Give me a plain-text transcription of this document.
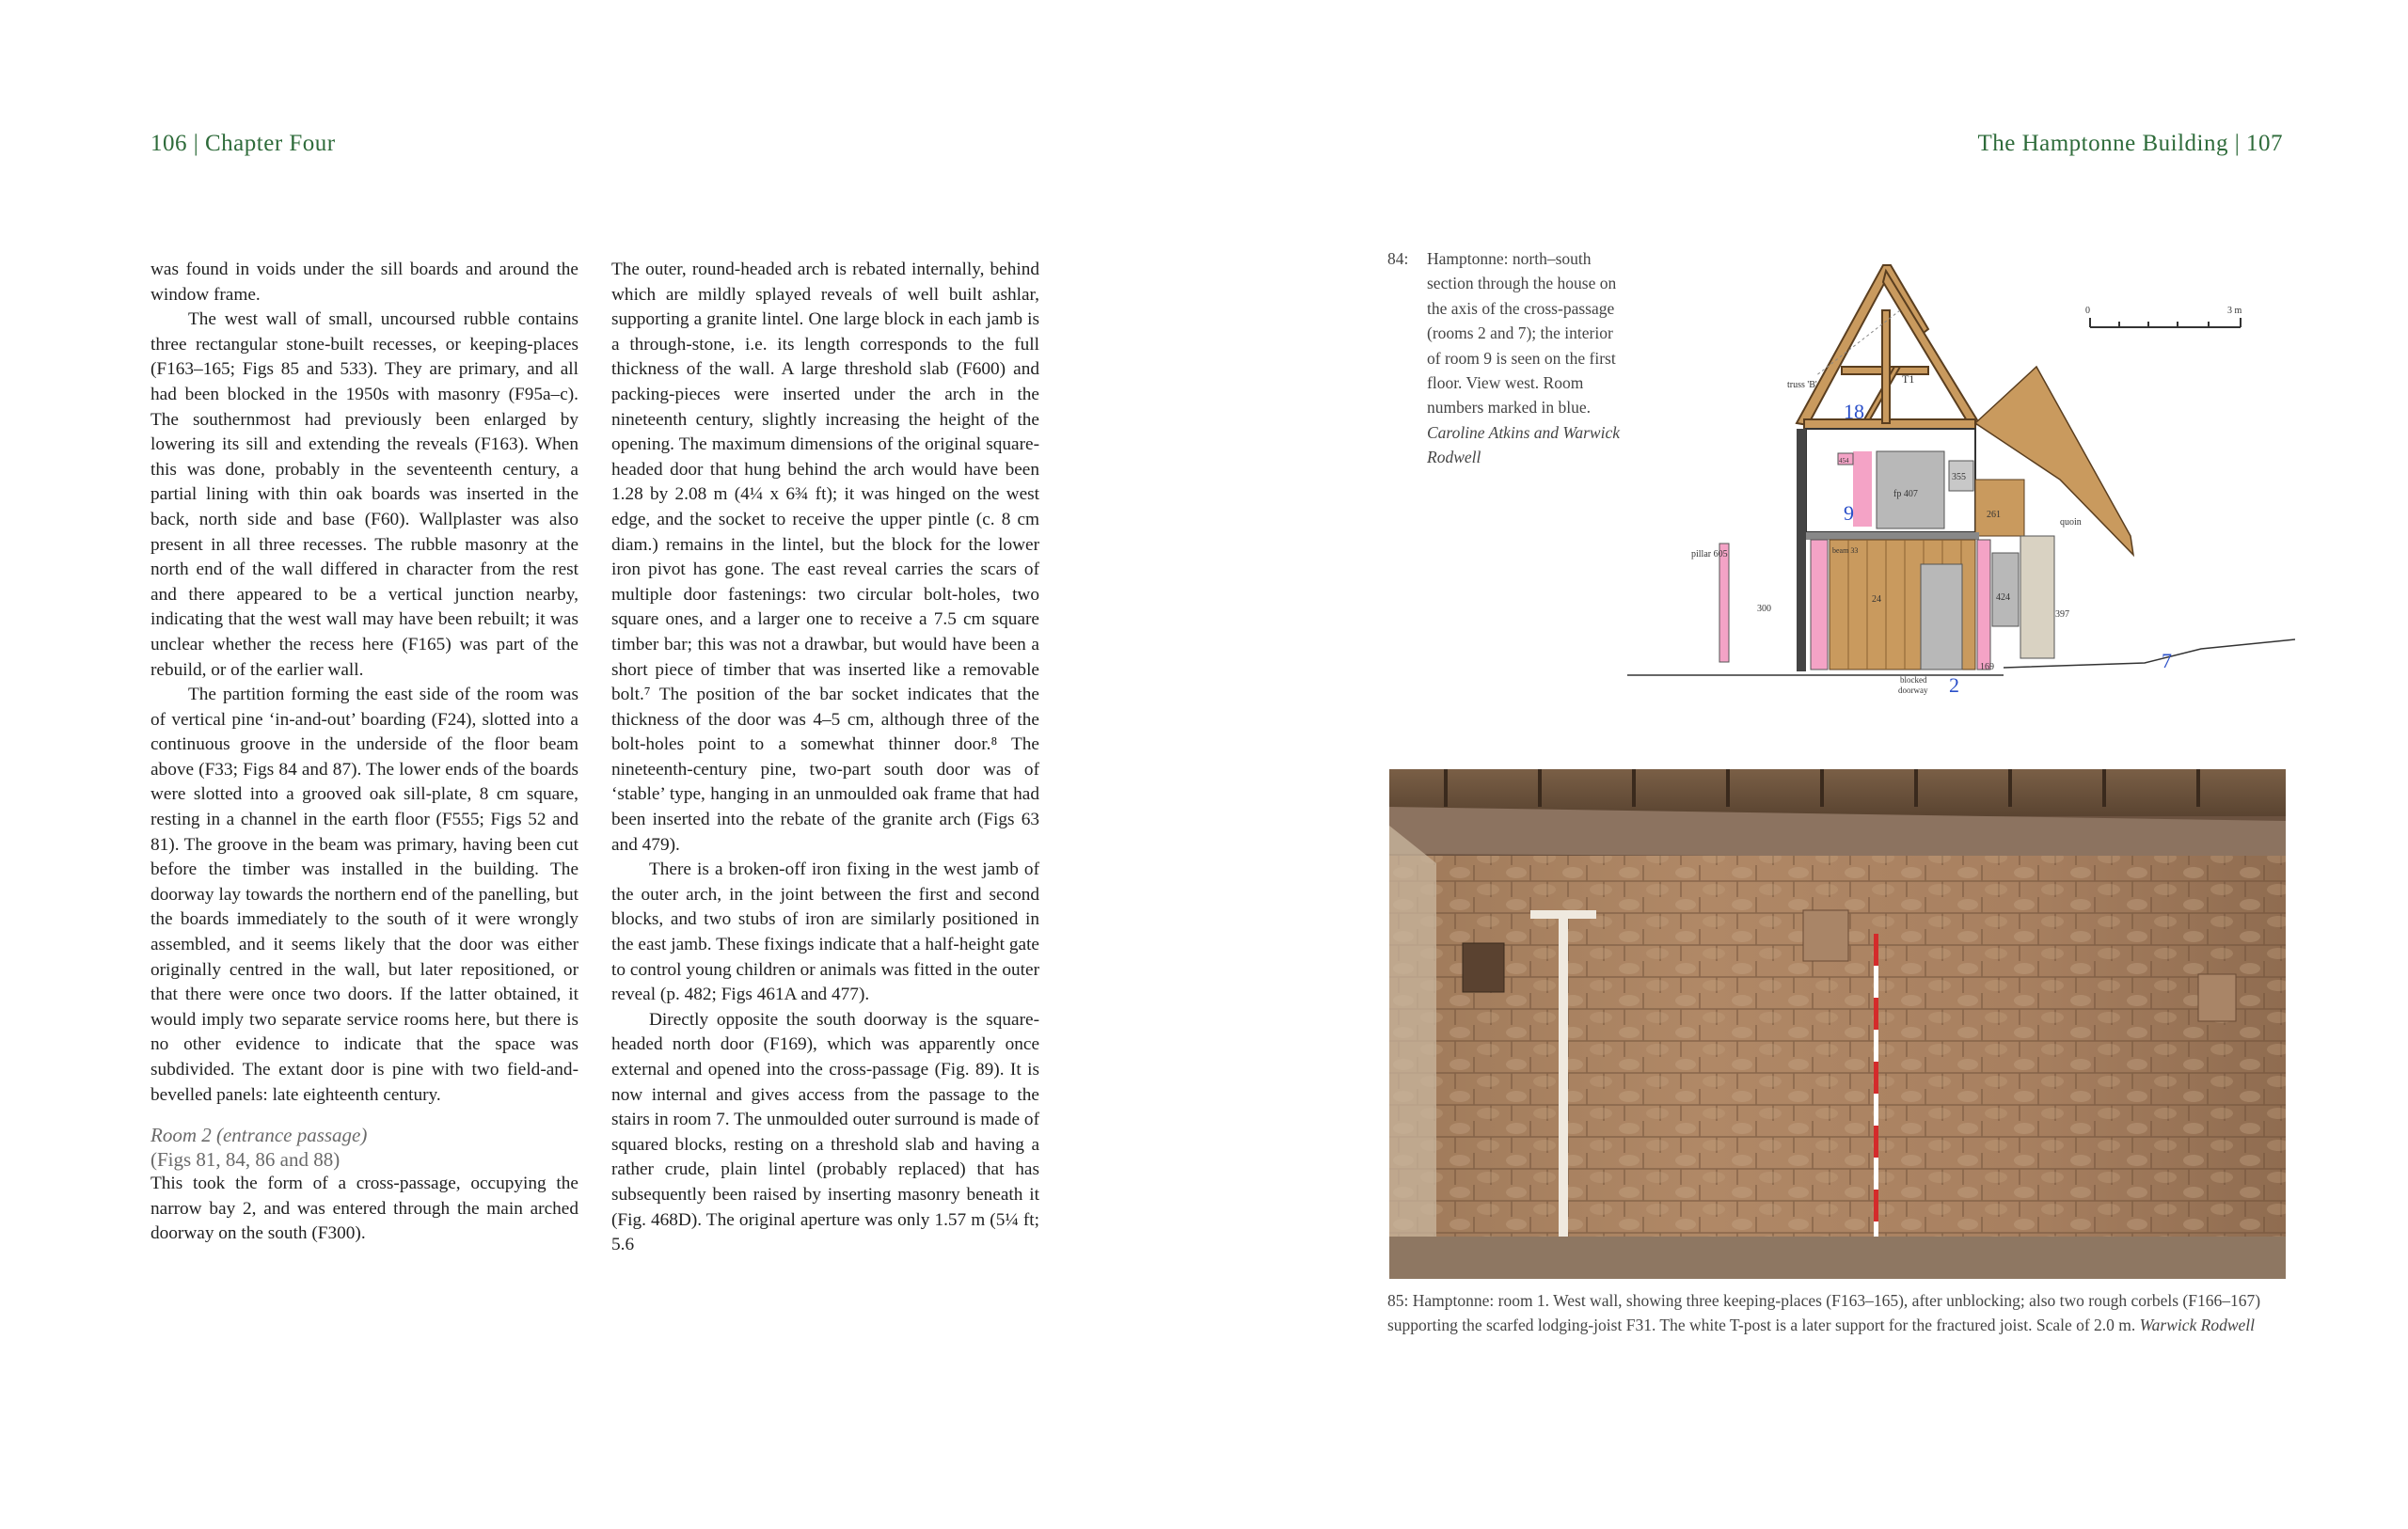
106 | Chapter Four	The Hamptonne Building | 107

was found in voids under the sill boards and around the window frame.

The west wall of small, uncoursed rubble contains three rectangular stone-built recesses, or keeping-places (F163–165; Figs 85 and 533). They are primary, and all had been blocked in the 1950s with masonry (F95a–c). The southernmost had previously been enlarged by lowering its sill and extending the reveals (F163). When this was done, probably in the seventeenth century, a partial lining with thin oak boards was inserted in the back, north side and base (F60). Wallplaster was also present in all three recesses. The rubble masonry at the north end of the wall differed in character from the rest and there appeared to be a vertical junction nearby, indicating that the west wall may have been rebuilt; it was unclear whether the recess here (F165) was part of the rebuild, or of the earlier wall.

The partition forming the east side of the room was of vertical pine ‘in-and-out’ boarding (F24), slotted into a continuous groove in the underside of the floor beam above (F33; Figs 84 and 87). The lower ends of the boards were slotted into a grooved oak sill-plate, 8 cm square, resting in a channel in the earth floor (F555; Figs 52 and 81). The groove in the beam was primary, having been cut before the timber was installed in the building. The doorway lay towards the northern end of the panelling, but the boards immediately to the south of it were wrongly assembled, and it seems likely that the door was either originally centred in the wall, but later repositioned, or that there were once two doors. If the latter obtained, it would imply two separate service rooms here, but there is no other evidence to indicate that the space was subdivided. The extant door is pine with two field-and-bevelled panels: late eighteenth century.

Room 2 (entrance passage)
(Figs 81, 84, 86 and 88)

This took the form of a cross-passage, occupying the narrow bay 2, and was entered through the main arched doorway on the south (F300).

The outer, round-headed arch is rebated internally, behind which are mildly splayed reveals of well built ashlar, supporting a granite lintel. One large block in each jamb is a through-stone, i.e. its length corresponds to the full thickness of the wall. A large threshold slab (F600) and packing-pieces were inserted under the arch in the nineteenth century, slightly increasing the height of the opening. The maximum dimensions of the original square-headed door that hung behind the arch would have been 1.28 by 2.08 m (4¼ x 6¾ ft); it was hinged on the west edge, and the socket to receive the upper pintle (c. 8 cm diam.) remains in the lintel, but the block for the lower iron pivot has gone. The east reveal carries the scars of multiple door fastenings: two circular bolt-holes, two square ones, and a larger one to receive a 7.5 cm square timber bar; this was not a drawbar, but would have been a short piece of timber that was inserted like a removable bolt.⁷ The position of the bar socket indicates that the thickness of the door was 4–5 cm, although three of the bolt-holes point to a somewhat thinner door.⁸ The nineteenth-century pine, two-part south door was of ‘stable’ type, hanging in an unmoulded oak frame that had been inserted into the rebate of the granite arch (Figs 63 and 479).

There is a broken-off iron fixing in the west jamb of the outer arch, in the joint between the first and second blocks, and two stubs of iron are similarly positioned in the east jamb. These fixings indicate that a half-height gate to control young children or animals was fitted in the outer reveal (p. 482; Figs 461A and 477).

Directly opposite the south doorway is the square-headed north door (F169), which was apparently once external and opened into the cross-passage (Fig. 89). It is now internal and gives access from the passage to the stairs in room 7. The unmoulded outer surround is made of squared blocks, resting on a threshold slab and having a rather crude, plain lintel (probably replaced) that has subsequently been raised by inserting masonry beneath it (Fig. 468D). The original aperture was only 1.57 m (5¼ ft; 5.6

84: Hamptonne: north–south section through the house on the axis of the cross-passage (rooms 2 and 7); the interior of room 9 is seen on the first floor. View west. Room numbers marked in blue. Caroline Atkins and Warwick Rodwell
0	3 m
truss 'B'	T1
18
9
fp 407
355
454
261
beam 33
24	424
300
397
169
pillar 605
quoin
blocked
doorway 2
7
85: Hamptonne: room 1. West wall, showing three keeping-places (F163–165), after unblocking; also two rough corbels (F166–167) supporting the scarfed lodging-joist F31. The white T-post is a later support for the fractured joist. Scale of 2.0 m. Warwick Rodwell
